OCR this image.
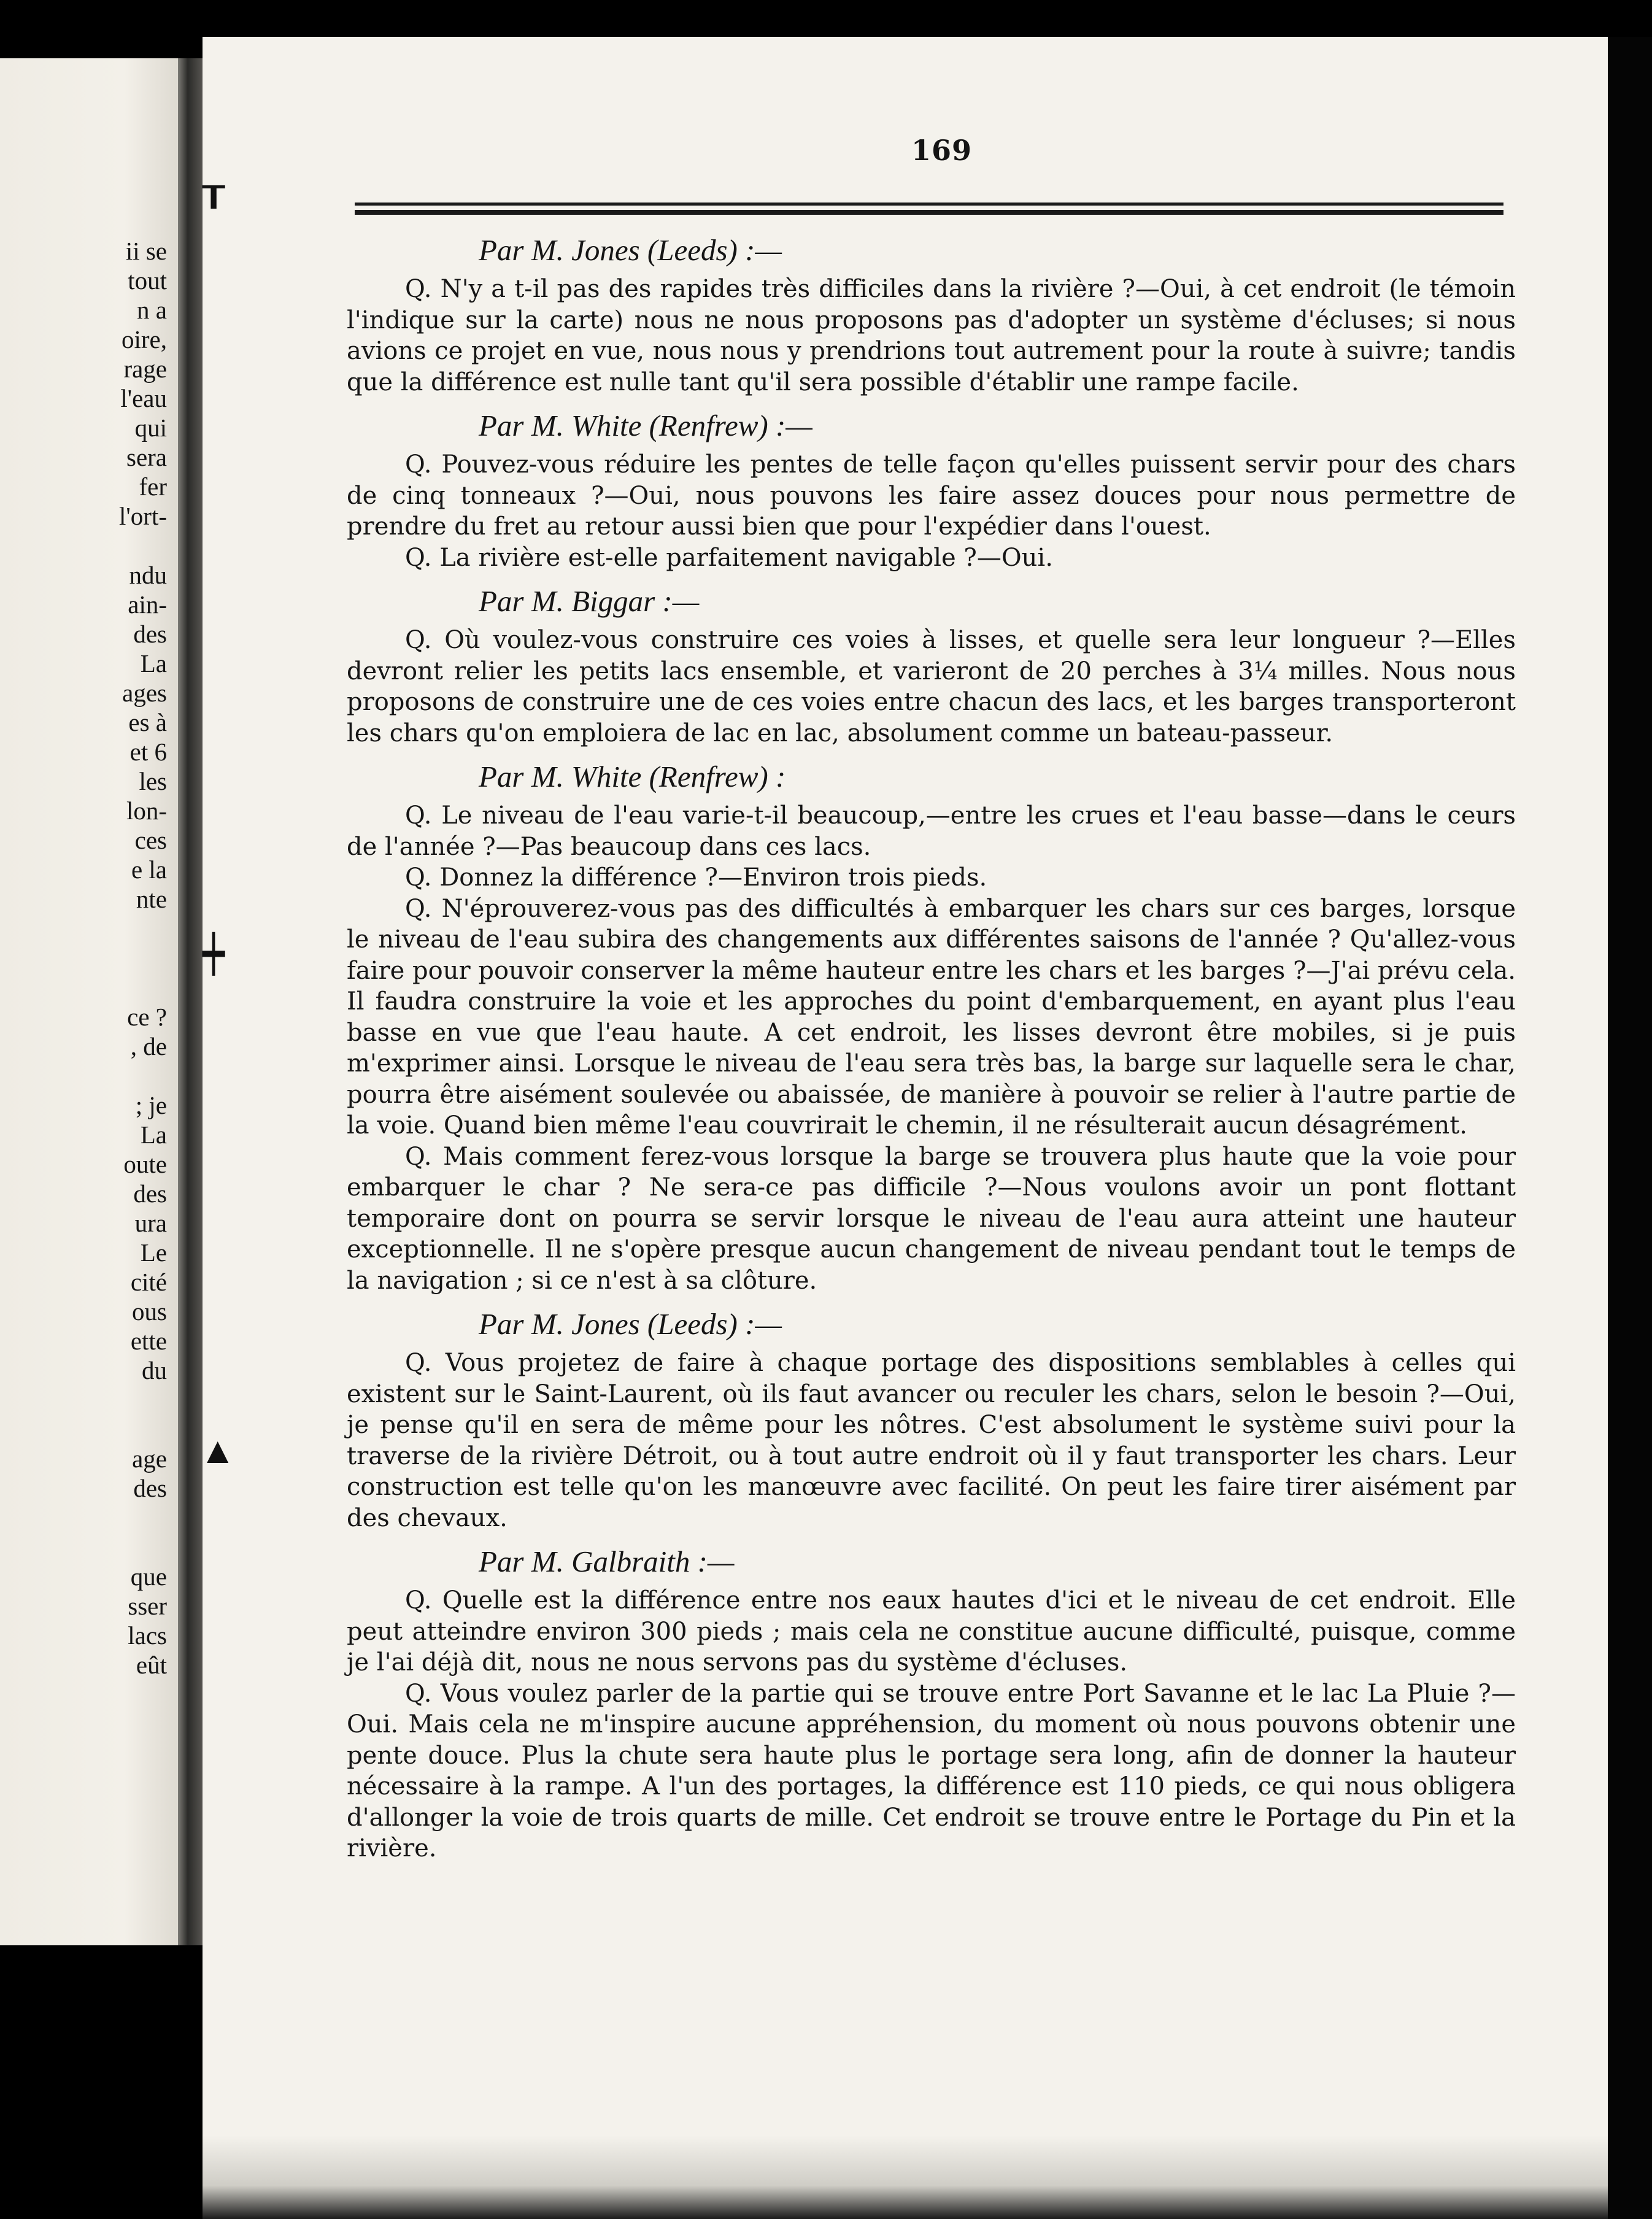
ii se
tout
n a
oire,
rage
l'eau
qui
sera
fer
l'ort-
ndu
ain-
des
La
ages
es à
et 6
les
lon-
ces
e la
nte
ce ?
, de
; je
La
oute
des
ura
Le
cité
ous
ette
du
age
des
que
sser
lacs
eût
169
┰
┿
▲
Par M. Jones (Leeds) :—

Q. N'y a t-il pas des rapides très difficiles dans la rivière ?—Oui, à cet endroit (le témoin l'indique sur la carte) nous ne nous proposons pas d'adopter un système d'écluses; si nous avions ce projet en vue, nous nous y prendrions tout autrement pour la route à suivre; tandis que la différence est nulle tant qu'il sera possible d'établir une rampe facile.

Par M. White (Renfrew) :—

Q. Pouvez-vous réduire les pentes de telle façon qu'elles puissent servir pour des chars de cinq tonneaux ?—Oui, nous pouvons les faire assez douces pour nous permettre de prendre du fret au retour aussi bien que pour l'expédier dans l'ouest.

Q. La rivière est-elle parfaitement navigable ?—Oui.

Par M. Biggar :—

Q. Où voulez-vous construire ces voies à lisses, et quelle sera leur longueur ?—Elles devront relier les petits lacs ensemble, et varieront de 20 perches à 3¼ milles. Nous nous proposons de construire une de ces voies entre chacun des lacs, et les barges transporteront les chars qu'on emploiera de lac en lac, absolument comme un bateau-passeur.

Par M. White (Renfrew) :

Q. Le niveau de l'eau varie-t-il beaucoup,—entre les crues et l'eau basse—dans le ceurs de l'année ?—Pas beaucoup dans ces lacs.

Q. Donnez la différence ?—Environ trois pieds.

Q. N'éprouverez-vous pas des difficultés à embarquer les chars sur ces barges, lorsque le niveau de l'eau subira des changements aux différentes saisons de l'année ? Qu'allez-vous faire pour pouvoir conserver la même hauteur entre les chars et les barges ?—J'ai prévu cela. Il faudra construire la voie et les approches du point d'embarquement, en ayant plus l'eau basse en vue que l'eau haute. A cet endroit, les lisses devront être mobiles, si je puis m'exprimer ainsi. Lorsque le niveau de l'eau sera très bas, la barge sur laquelle sera le char, pourra être aisément soulevée ou abaissée, de manière à pouvoir se relier à l'autre partie de la voie. Quand bien même l'eau couvrirait le chemin, il ne résulterait aucun désagrément.

Q. Mais comment ferez-vous lorsque la barge se trouvera plus haute que la voie pour embarquer le char ? Ne sera-ce pas difficile ?—Nous voulons avoir un pont flottant temporaire dont on pourra se servir lorsque le niveau de l'eau aura atteint une hauteur exceptionnelle. Il ne s'opère presque aucun changement de niveau pendant tout le temps de la navigation ; si ce n'est à sa clôture.

Par M. Jones (Leeds) :—

Q. Vous projetez de faire à chaque portage des dispositions semblables à celles qui existent sur le Saint-Laurent, où ils faut avancer ou reculer les chars, selon le besoin ?—Oui, je pense qu'il en sera de même pour les nôtres. C'est absolument le système suivi pour la traverse de la rivière Détroit, ou à tout autre endroit où il y faut transporter les chars. Leur construction est telle qu'on les manœuvre avec facilité. On peut les faire tirer aisément par des chevaux.

Par M. Galbraith :—

Q. Quelle est la différence entre nos eaux hautes d'ici et le niveau de cet endroit. Elle peut atteindre environ 300 pieds ; mais cela ne constitue aucune difficulté, puisque, comme je l'ai déjà dit, nous ne nous servons pas du système d'écluses.

Q. Vous voulez parler de la partie qui se trouve entre Port Savanne et le lac La Pluie ?—Oui. Mais cela ne m'inspire aucune appréhension, du moment où nous pouvons obtenir une pente douce. Plus la chute sera haute plus le portage sera long, afin de donner la hauteur nécessaire à la rampe. A l'un des portages, la différence est 110 pieds, ce qui nous obligera d'allonger la voie de trois quarts de mille. Cet endroit se trouve entre le Portage du Pin et la rivière.
